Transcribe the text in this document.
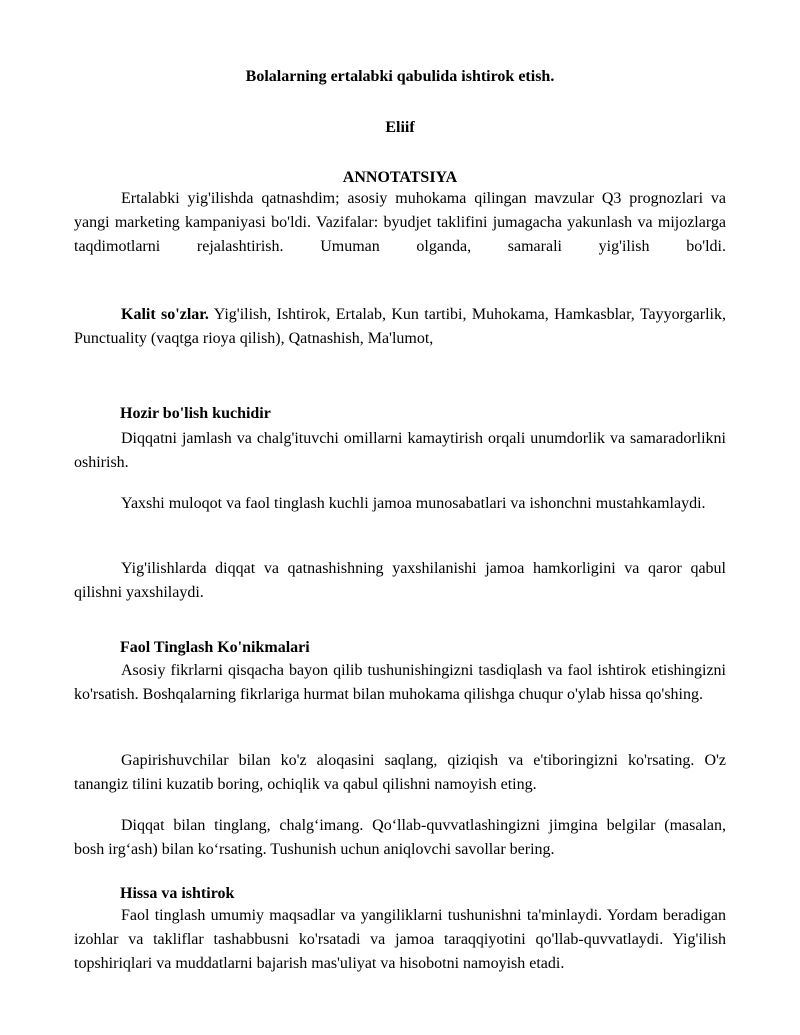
Bolalarning ertalabki qabulida ishtirok etish.
Eliif
ANNOTATSIYA

Ertalabki yig'ilishda qatnashdim; asosiy muhokama qilingan mavzular Q3 prognozlari va yangi marketing kampaniyasi bo'ldi. Vazifalar: byudjet taklifini jumagacha yakunlash va mijozlarga taqdimotlarni rejalashtirish. Umuman olganda, samarali yig'ilish bo'ldi.

Kalit so'zlar. Yig'ilish, Ishtirok, Ertalab, Kun tartibi, Muhokama, Hamkasblar, Tayyorgarlik, Punctuality (vaqtga rioya qilish), Qatnashish, Ma'lumot,

Hozir bo'lish kuchidir

Diqqatni jamlash va chalg'ituvchi omillarni kamaytirish orqali unumdorlik va samaradorlikni oshirish.

Yaxshi muloqot va faol tinglash kuchli jamoa munosabatlari va ishonchni mustahkamlaydi.

Yig'ilishlarda diqqat va qatnashishning yaxshilanishi jamoa hamkorligini va qaror qabul qilishni yaxshilaydi.

Faol Tinglash Ko'nikmalari

Asosiy fikrlarni qisqacha bayon qilib tushunishingizni tasdiqlash va faol ishtirok etishingizni ko'rsatish. Boshqalarning fikrlariga hurmat bilan muhokama qilishga chuqur o'ylab hissa qo'shing.

Gapirishuvchilar bilan ko'z aloqasini saqlang, qiziqish va e'tiboringizni ko'rsating. O'z tanangiz tilini kuzatib boring, ochiqlik va qabul qilishni namoyish eting.

Diqqat bilan tinglang, chalg‘imang. Qo‘llab-quvvatlashingizni jimgina belgilar (masalan, bosh irg‘ash) bilan ko‘rsating. Tushunish uchun aniqlovchi savollar bering.

Hissa va ishtirok

Faol tinglash umumiy maqsadlar va yangiliklarni tushunishni ta'minlaydi. Yordam beradigan izohlar va takliflar tashabbusni ko'rsatadi va jamoa taraqqiyotini qo'llab-quvvatlaydi. Yig'ilish topshiriqlari va muddatlarni bajarish mas'uliyat va hisobotni namoyish etadi.
